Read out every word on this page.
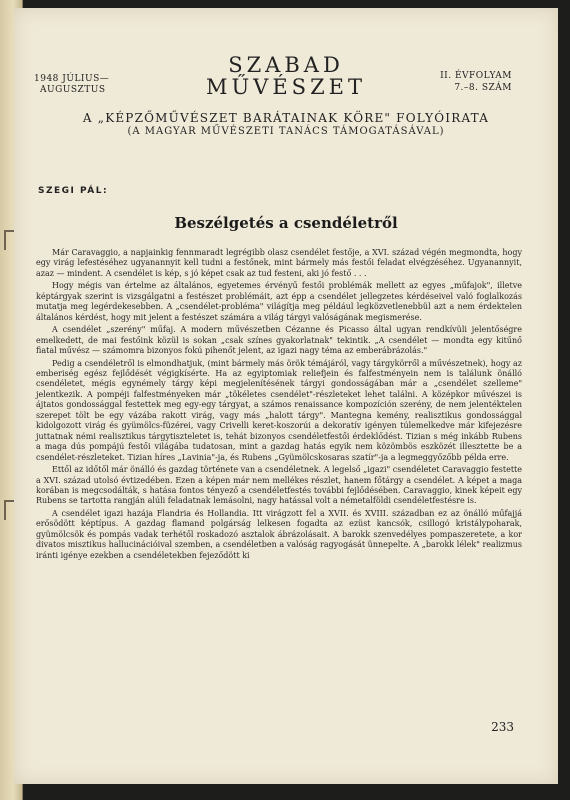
1948 JÚLIUS—
AUGUSZTUS
SZABAD
MŰVÉSZET	II. ÉVFOLYAM
7.–8. SZÁM
A „KÉPZŐMŰVÉSZET BARÁTAINAK KÖRE" FOLYÓIRATA
(A MAGYAR MŰVÉSZETI TANÁCS TÁMOGATÁSÁVAL)
SZEGI PÁL:
Beszélgetés a csendéletről

Már Caravaggio, a napjainkig fennmaradt legrégibb olasz csendélet festője, a XVI. század végén megmondta, hogy egy virág lefestéséhez ugyanannyit kell tudni a festőnek, mint bármely más festői feladat elvégzéséhez. Ugyanannyit, azaz — mindent. A csendélet is kép, s jó képet csak az tud festeni, aki jó festő . . .

Hogy mégis van értelme az általános, egyetemes érvényű festői problémák mellett az egyes „műfajok", illetve képtárgyak szerint is vizsgálgatni a festészet problémáit, azt épp a csendélet jellegzetes kérdéseivel való foglalkozás mutatja meg legérdekesebben. A „csendélet-probléma" világítja meg például legközvetlenebbül azt a nem érdektelen általános kérdést, hogy mit jelent a festészet számára a világ tárgyi valóságának megismerése.

A csendélet „szerény" műfaj. A modern művészetben Cézanne és Picasso által ugyan rendkívüli jelentőségre emelkedett, de mai festőink közül is sokan „csak színes gyakorlatnak" tekintik. „A csendélet — mondta egy kitűnő fiatal művész — számomra bizonyos fokú pihenőt jelent, az igazi nagy téma az emberábrázolás."

Pedig a csendéletről is elmondhatjuk, (mint bármely más örök témájáról, vagy tárgykörről a művészetnek), hogy az emberiség egész fejlődését végigkísérte. Ha az egyiptomiak reliefjein és falfestményein nem is találunk önálló csendéletet, mégis egynémely tárgy képi megjelenítésének tárgyi gondosságában már a „csendélet szelleme" jelentkezik. A pompéji falfestményeken már „tökéletes csendélet"-részleteket lehet találni. A középkor művészei is ájtatos gondossággal festettek meg egy-egy tárgyat, a számos renaissance kompozíción szerény, de nem jelentéktelen szerepet tölt be egy vázába rakott virág, vagy más „halott tárgy". Mantegna kemény, realisztikus gondossággal kidolgozott virág és gyümölcs-füzérei, vagy Crivelli keret-koszorúi a dekoratív igényen túlemelkedve már kifejezésre juttatnak némi realisztikus tárgytiszteletet is, tehát bizonyos csendéletfestői érdeklődést. Tizian s még inkább Rubens a maga dús pompájú festői világába tudatosan, mint a gazdag hatás egyik nem közömbös eszközét illesztette be a csendélet-részleteket. Tizian híres „Lavinia"-ja, és Rubens „Gyümölcskosaras szatír"-ja a legmeggyőzőbb példa erre.

Ettől az időtől már önálló és gazdag története van a csendéletnek. A legelső „igazi" csendéletet Caravaggio festette a XVI. század utolsó évtizedében. Ezen a képen már nem mellékes részlet, hanem főtárgy a csendélet. A képet a maga korában is megcsodálták, s hatása fontos tényező a csendéletfestés további fejlődésében. Caravaggio, kinek képeit egy Rubens se tartotta rangján alúli feladatnak lemásolni, nagy hatással volt a németalföldi csendéletfestésre is.

A csendélet igazi hazája Flandria és Hollandia. Itt virágzott fel a XVII. és XVIII. században ez az önálló műfajjá erősödött képtípus. A gazdag flamand polgárság lelkesen fogadta az ezüst kancsók, csillogó kristálypoharak, gyümölcsök és pompás vadak terhétől roskadozó asztalok ábrázolásait. A barokk szenvedélyes pompaszeretete, a kor divatos misztikus hallucinációival szemben, a csendéletben a valóság ragyogását ünnepelte. A „barokk lélek" realizmus iránti igénye ezekben a csendéletekben fejeződött ki

233
